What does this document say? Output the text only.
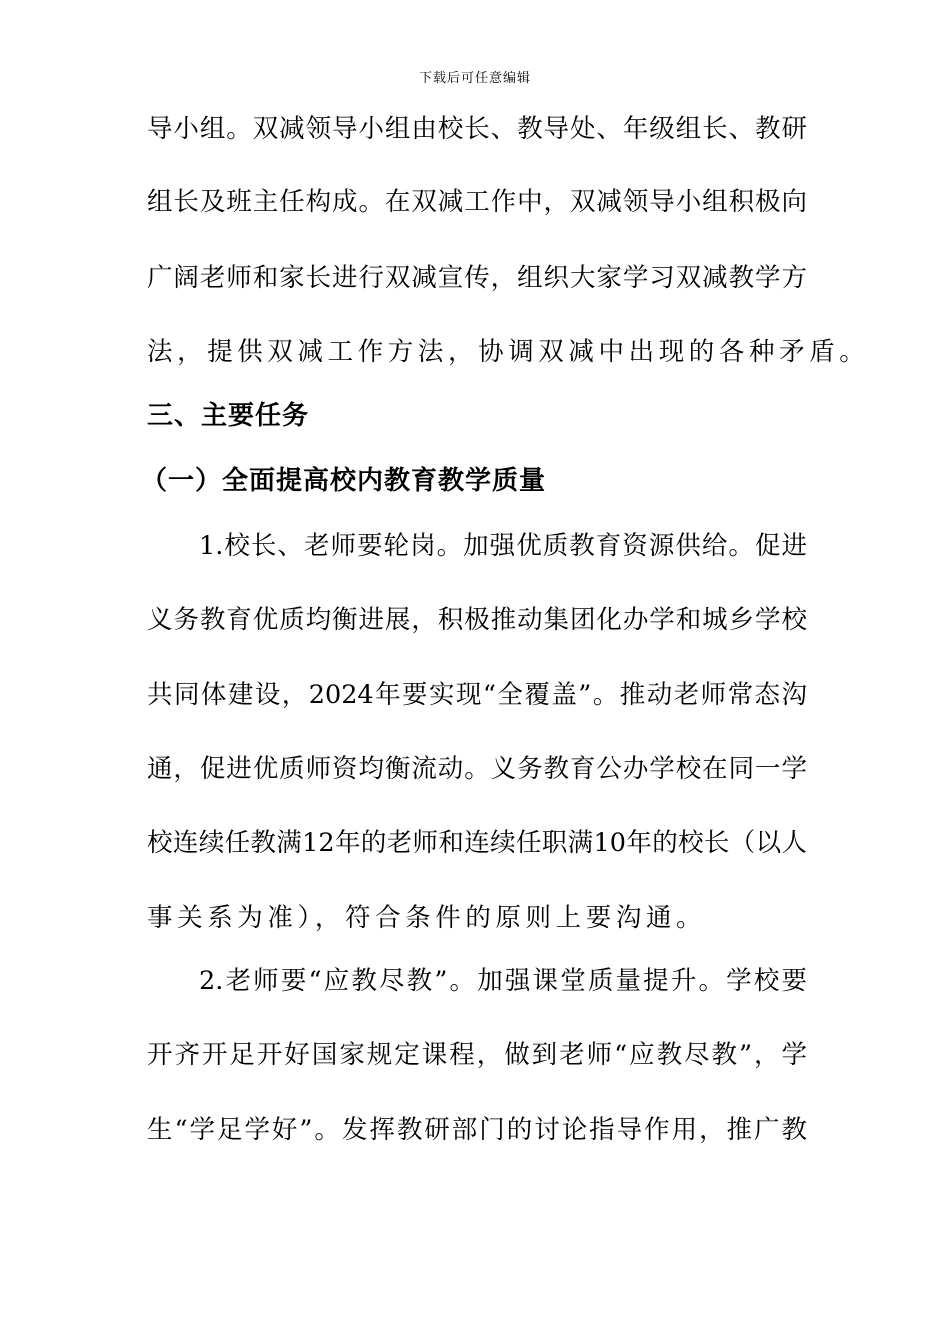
下载后可任意编辑
导小组。双减领导小组由校长、教导处、年级组长、教研
组长及班主任构成。在双减工作中，双减领导小组积极向
广阔老师和家长进行双减宣传，组织大家学习双减教学方
法，提供双减工作方法，协调双减中出现的各种矛盾。
三、主要任务
（一）全面提高校内教育教学质量
1.校长、老师要轮岗。加强优质教育资源供给。促进
义务教育优质均衡进展，积极推动集团化办学和城乡学校
共同体建设，2024年要实现“全覆盖”。推动老师常态沟
通，促进优质师资均衡流动。义务教育公办学校在同一学
校连续任教满12年的老师和连续任职满10年的校长（以人
事关系为准），符合条件的原则上要沟通。
2.老师要“应教尽教”。加强课堂质量提升。学校要
开齐开足开好国家规定课程，做到老师“应教尽教”，学
生“学足学好”。发挥教研部门的讨论指导作用，推广教
